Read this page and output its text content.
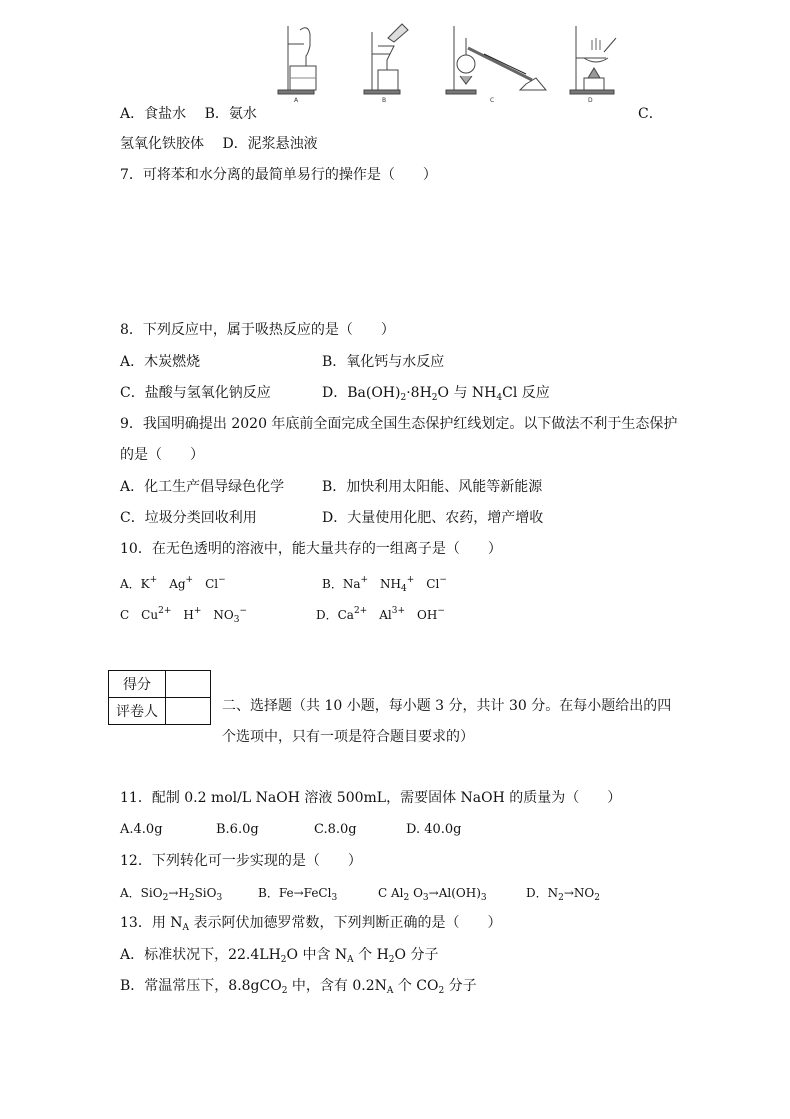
A	B	C	D
A．食盐水　 B．氨水	C．
氢氧化铁胶体　 D．泥浆悬浊液
7．可将苯和水分离的最简单易行的操作是（　　）
8．下列反应中，属于吸热反应的是（　　）
A．木炭燃烧	B．氧化钙与水反应
C．盐酸与氢氧化钠反应	D．$Ba(OH)_2\cdot 8H_2O$ 与 $NH_4Cl$ 反应
9．我国明确提出 2020 年底前全面完成全国生态保护红线划定。以下做法不利于生态保护
的是（　　）
A．化工生产倡导绿色化学	B．加快利用太阳能、风能等新能源
C．垃圾分类回收利用	D．大量使用化肥、农药，增产增收
10．在无色透明的溶液中，能大量共存的一组离子是（　　）
A．K+　Ag+　Cl−	B．Na+　$NH_4^+$　Cl−
C　$Cu^{2+}$　H+　$NO_3^-$	D．$Ca^{2+}$　$Al^{3+}$　OH−
得分	
评卷人		二、选择题（共 10 小题，每小题 3 分，共计 30 分。在每小题给出的四
个选项中，只有一项是符合题目要求的）
11．配制 0.2 mol/L NaOH 溶液 500mL，需要固体 NaOH 的质量为（　　）
A.4.0g	B.6.0g	C.8.0g	D. 40.0g
12．下列转化可一步实现的是（　　）
A．$SiO_2\to H_2SiO_3$	B．Fe→FeCl$_3$	C $Al_2$ $O_3\to Al(OH)_3$	D．$N_2\to NO_2$
13．用 $N_A$ 表示阿伏加德罗常数，下列判断正确的是（　　）
A．标准状况下，$22.4LH_2O$ 中含 $N_A$ 个 $H_2O$ 分子
B．常温常压下，8.8gCO$_2$ 中，含有 $0.2N_A$ 个 $CO_2$ 分子
